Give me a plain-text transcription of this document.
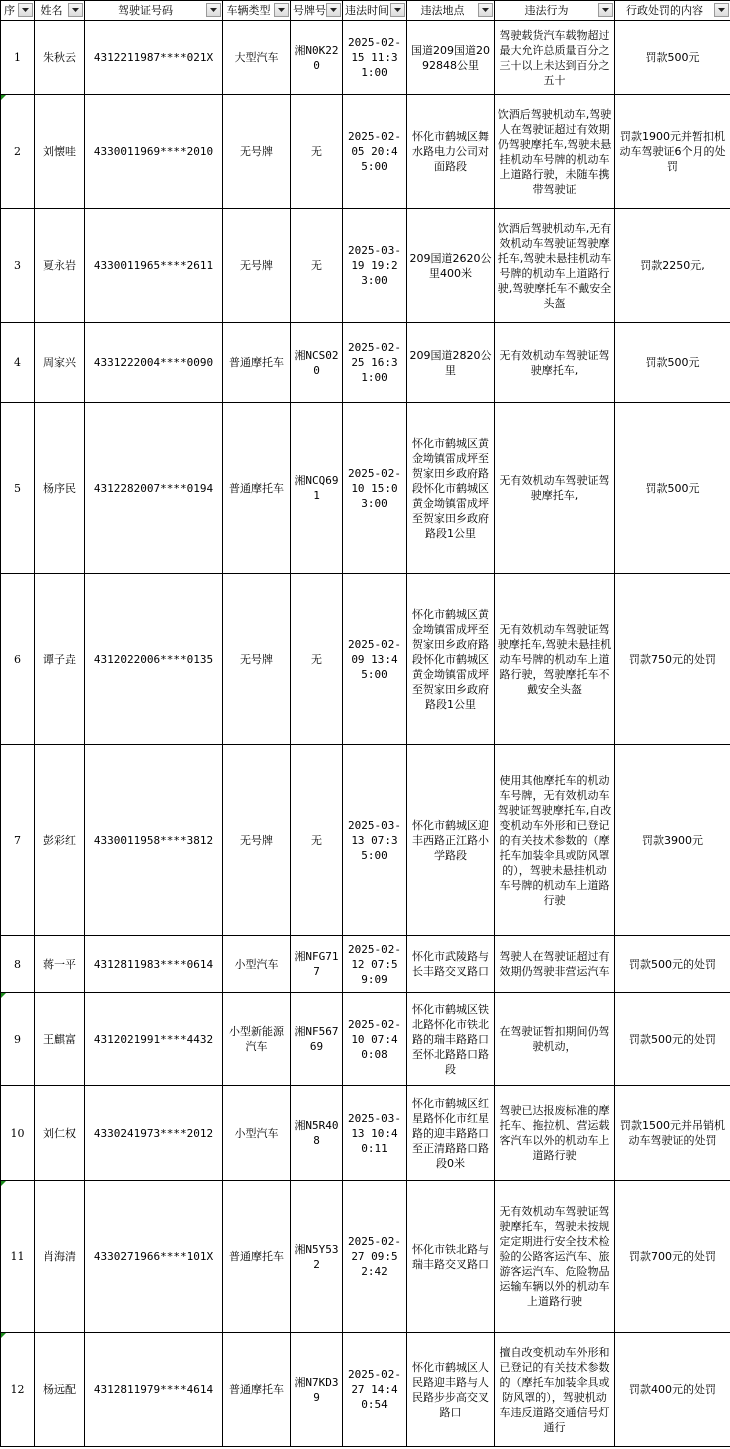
序	姓名	驾驶证号码	车辆类型	号牌号	违法时间	违法地点	违法行为	行政处罚的内容

1	朱秋云	4312211987****021X	大型汽车	湘N0K220	2025-02-15 11:31:00	国道209国道2092848公里	驾驶载货汽车载物超过最大允许总质量百分之三十以上未达到百分之五十	罚款500元
2	刘懐哇	4330011969****2010	无号牌	无	2025-02-05 20:45:00	怀化市鹤城区舞水路电力公司对面路段	饮酒后驾驶机动车,驾驶人在驾驶证超过有效期仍驾驶摩托车,驾驶未悬挂机动车号牌的机动车上道路行驶，未随车携带驾驶证	罚款1900元并暂扣机动车驾驶证6个月的处罚
3	夏永岩	4330011965****2611	无号牌	无	2025-03-19 19:23:00	209国道2620公里400米	饮酒后驾驶机动车,无有效机动车驾驶证驾驶摩托车,驾驶未悬挂机动车号牌的机动车上道路行驶,驾驶摩托车不戴安全头盔	罚款2250元,
4	周家兴	4331222004****0090	普通摩托车	湘NCS020	2025-02-25 16:31:00	209国道2820公里	无有效机动车驾驶证驾驶摩托车,	罚款500元
5	杨序民	4312282007****0194	普通摩托车	湘NCQ691	2025-02-10 15:03:00	怀化市鹤城区黄金坳镇雷成坪至贺家田乡政府路段怀化市鹤城区黄金坳镇雷成坪至贺家田乡政府路段1公里	无有效机动车驾驶证驾驶摩托车,	罚款500元
6	谭子垚	4312022006****0135	无号牌	无	2025-02-09 13:45:00	怀化市鹤城区黄金坳镇雷成坪至贺家田乡政府路段怀化市鹤城区黄金坳镇雷成坪至贺家田乡政府路段1公里	无有效机动车驾驶证驾驶摩托车,驾驶未悬挂机动车号牌的机动车上道路行驶，驾驶摩托车不戴安全头盔	罚款750元的处罚
7	彭彩红	4330011958****3812	无号牌	无	2025-03-13 07:35:00	怀化市鹤城区迎丰西路正江路小学路段	使用其他摩托车的机动车号牌，无有效机动车驾驶证驾驶摩托车,自改变机动车外形和已登记的有关技术参数的（摩托车加装伞具或防风罩的），驾驶未悬挂机动车号牌的机动车上道路行驶	罚款3900元
8	蒋一平	4312811983****0614	小型汽车	湘NFG717	2025-02-12 07:59:09	怀化市武陵路与长丰路交叉路口	驾驶人在驾驶证超过有效期仍驾驶非营运汽车	罚款500元的处罚
9	王麒富	4312021991****4432	小型新能源汽车	湘NF56769	2025-02-10 07:40:08	怀化市鹤城区铁北路怀化市铁北路的瑞丰路路口至怀北路路口路段	在驾驶证暂扣期间仍驾驶机动，	罚款500元的处罚
10	刘仁权	4330241973****2012	小型汽车	湘N5R408	2025-03-13 10:40:11	怀化市鹤城区红星路怀化市红星路的迎丰路路口至正清路路口路段0米	驾驶已达报废标准的摩托车、拖拉机、营运载客汽车以外的机动车上道路行驶	罚款1500元并吊销机动车驾驶证的处罚
11	肖海清	4330271966****101X	普通摩托车	湘N5Y532	2025-02-27 09:52:42	怀化市铁北路与瑞丰路交叉路口	无有效机动车驾驶证驾驶摩托车，驾驶未按规定定期进行安全技术检验的公路客运汽车、旅游客运汽车、危险物品运输车辆以外的机动车上道路行驶	罚款700元的处罚
12	杨远配	4312811979****4614	普通摩托车	湘N7KD39	2025-02-27 14:40:54	怀化市鹤城区人民路迎丰路与人民路步步高交叉路口	擅自改变机动车外形和已登记的有关技术参数的（摩托车加装伞具或防风罩的），驾驶机动车违反道路交通信号灯通行	罚款400元的处罚
